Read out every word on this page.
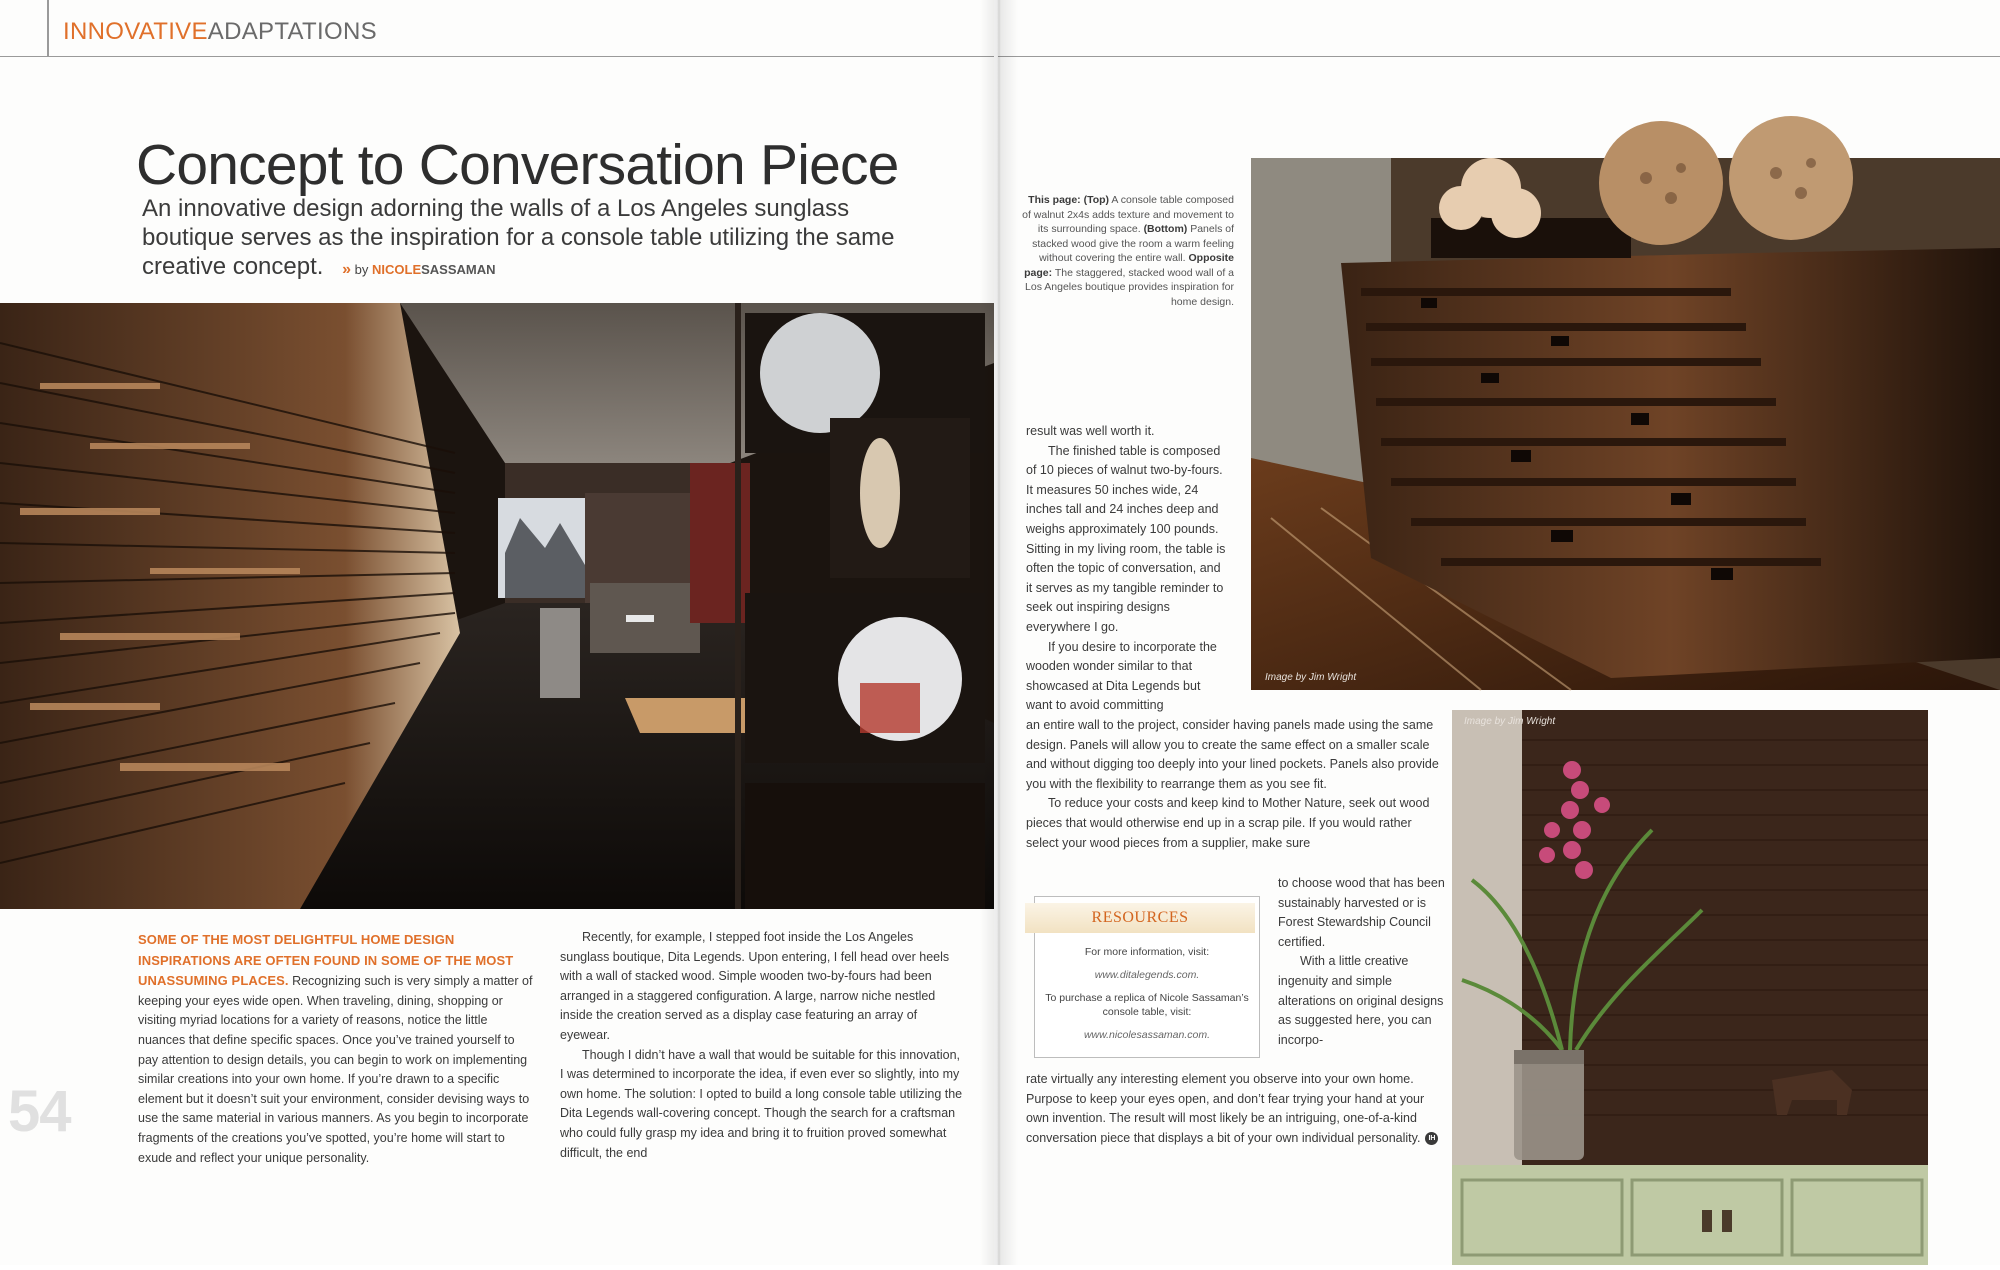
INNOVATIVEADAPTATIONS
Concept to Conversation Piece
An innovative design adorning the walls of a Los Angeles sunglass boutique serves as the inspiration for a console table utilizing the same creative concept. » by NICOLESASSAMAN
54

SOME OF THE MOST DELIGHTFUL HOME DESIGN INSPIRATIONS ARE OFTEN FOUND IN SOME OF THE MOST UNASSUMING PLACES. Recognizing such is very simply a matter of keeping your eyes wide open. When traveling, dining, shopping or visiting myriad locations for a variety of reasons, notice the little nuances that define specific spaces. Once you’ve trained yourself to pay attention to design details, you can begin to work on implementing similar creations into your own home. If you’re drawn to a specific element but it doesn’t suit your environment, consider devising ways to use the same material in various manners. As you begin to incorporate fragments of the creations you’ve spotted, you’re home will start to exude and reflect your unique personality.

Recently, for example, I stepped foot inside the Los Angeles sunglass boutique, Dita Legends. Upon entering, I fell head over heels with a wall of stacked wood. Simple wooden two-by-fours had been arranged in a staggered configuration. A large, narrow niche nestled inside the creation served as a display case featuring an array of eyewear.

Though I didn’t have a wall that would be suitable for this innovation, I was determined to incorporate the idea, if even ever so slightly, into my own home. The solution: I opted to build a long console table utilizing the Dita Legends wall-covering concept. Though the search for a craftsman who could fully grasp my idea and bring it to fruition proved somewhat difficult, the end

This page: (Top) A console table composed of walnut 2x4s adds texture and movement to its surrounding space. (Bottom) Panels of stacked wood give the room a warm feeling without covering the entire wall. Opposite page: The staggered, stacked wood wall of a Los Angeles boutique provides inspiration for home design.

Image by Jim Wright
Image by Jim Wright

result was well worth it.

The finished table is composed of 10 pieces of walnut two-by-fours. It measures 50 inches wide, 24 inches tall and 24 inches deep and weighs approximately 100 pounds. Sitting in my living room, the table is often the topic of conversation, and it serves as my tangible reminder to seek out inspiring designs everywhere I go.

If you desire to incorporate the wooden wonder similar to that showcased at Dita Legends but want to avoid committing

an entire wall to the project, consider having panels made using the same design. Panels will allow you to create the same effect on a smaller scale and without digging too deeply into your lined pockets. Panels also provide you with the flexibility to rearrange them as you see fit.

To reduce your costs and keep kind to Mother Nature, seek out wood pieces that would otherwise end up in a scrap pile. If you would rather select your wood pieces from a supplier, make sure

RESOURCES
For more information, visit:
www.ditalegends.com.
To purchase a replica of Nicole Sassaman’s console table, visit:
www.nicolesassaman.com.

to choose wood that has been sustainably harvested or is Forest Stewardship Council certified.

With a little creative ingenuity and simple alterations on original designs as suggested here, you can incorpo-

rate virtually any interesting element you observe into your own home. Purpose to keep your eyes open, and don’t fear trying your hand at your own invention. The result will most likely be an intriguing, one-of-a-kind conversation piece that displays a bit of your own individual personality. IH
